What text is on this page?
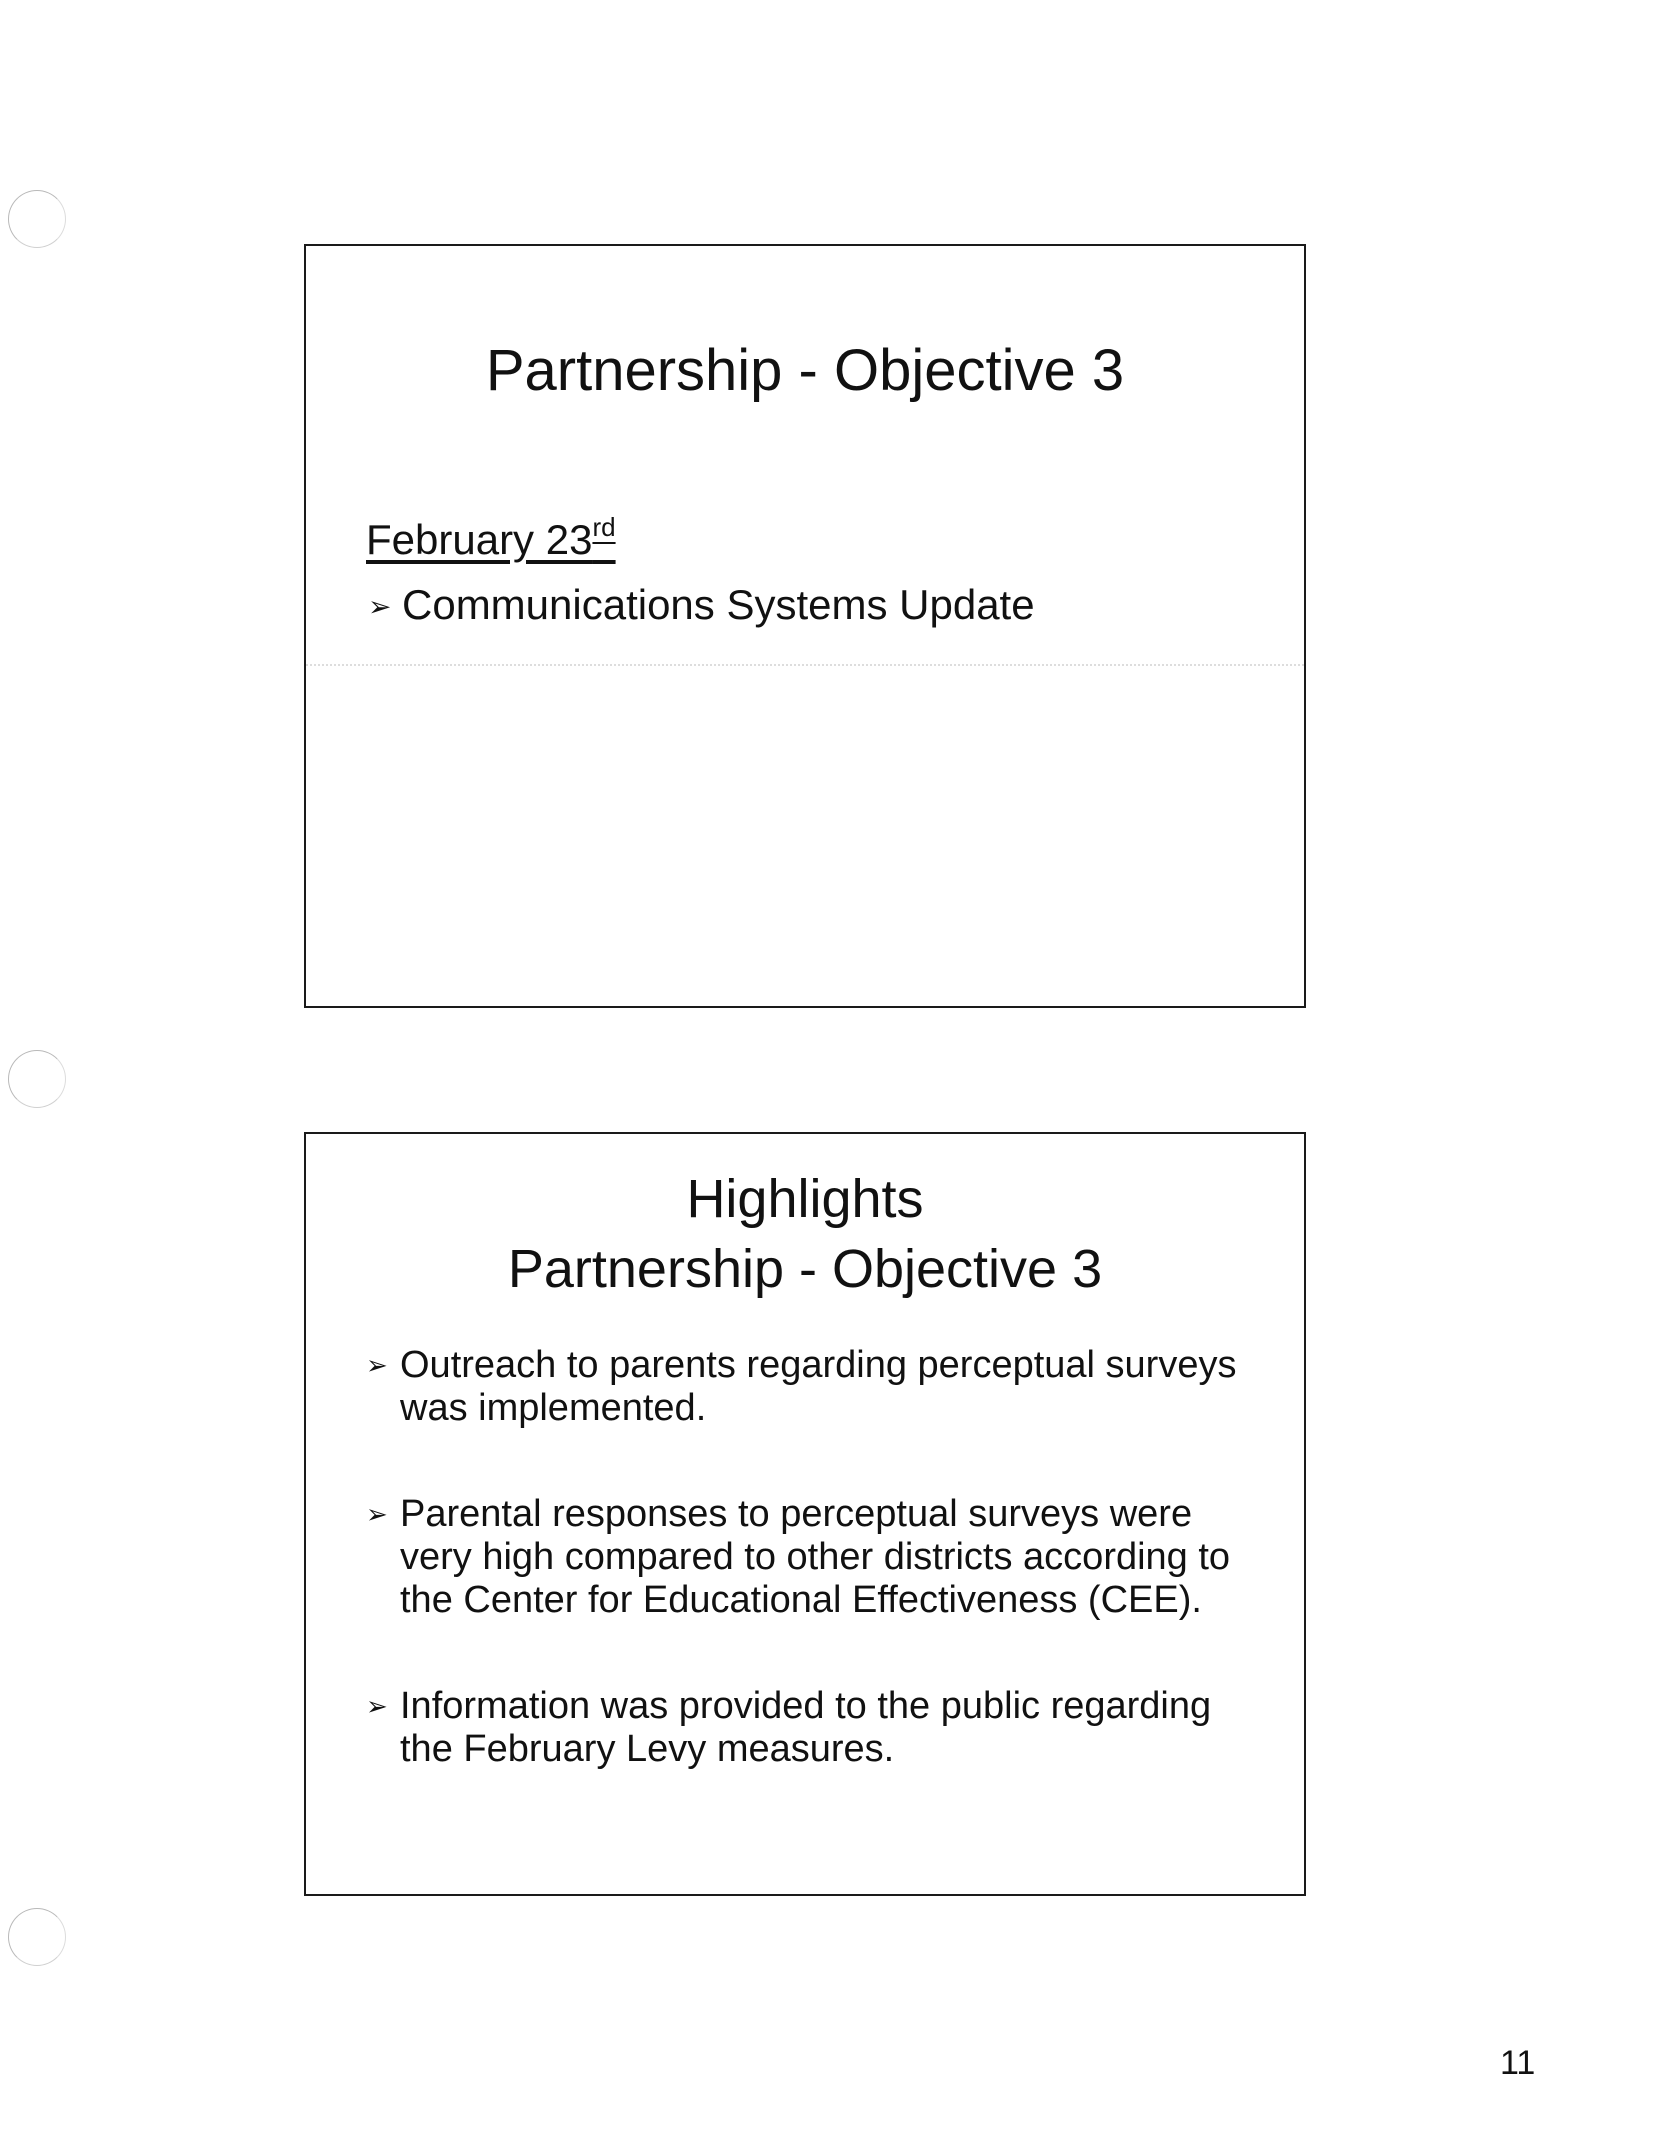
Partnership - Objective 3
February 23rd
➢ Communications Systems Update
Highlights
Partnership - Objective 3
➢ Outreach to parents regarding perceptual surveys was implemented.
➢ Parental responses to perceptual surveys were very high compared to other districts according to the Center for Educational Effectiveness (CEE).
➢ Information was provided to the public regarding the February Levy measures.
11
